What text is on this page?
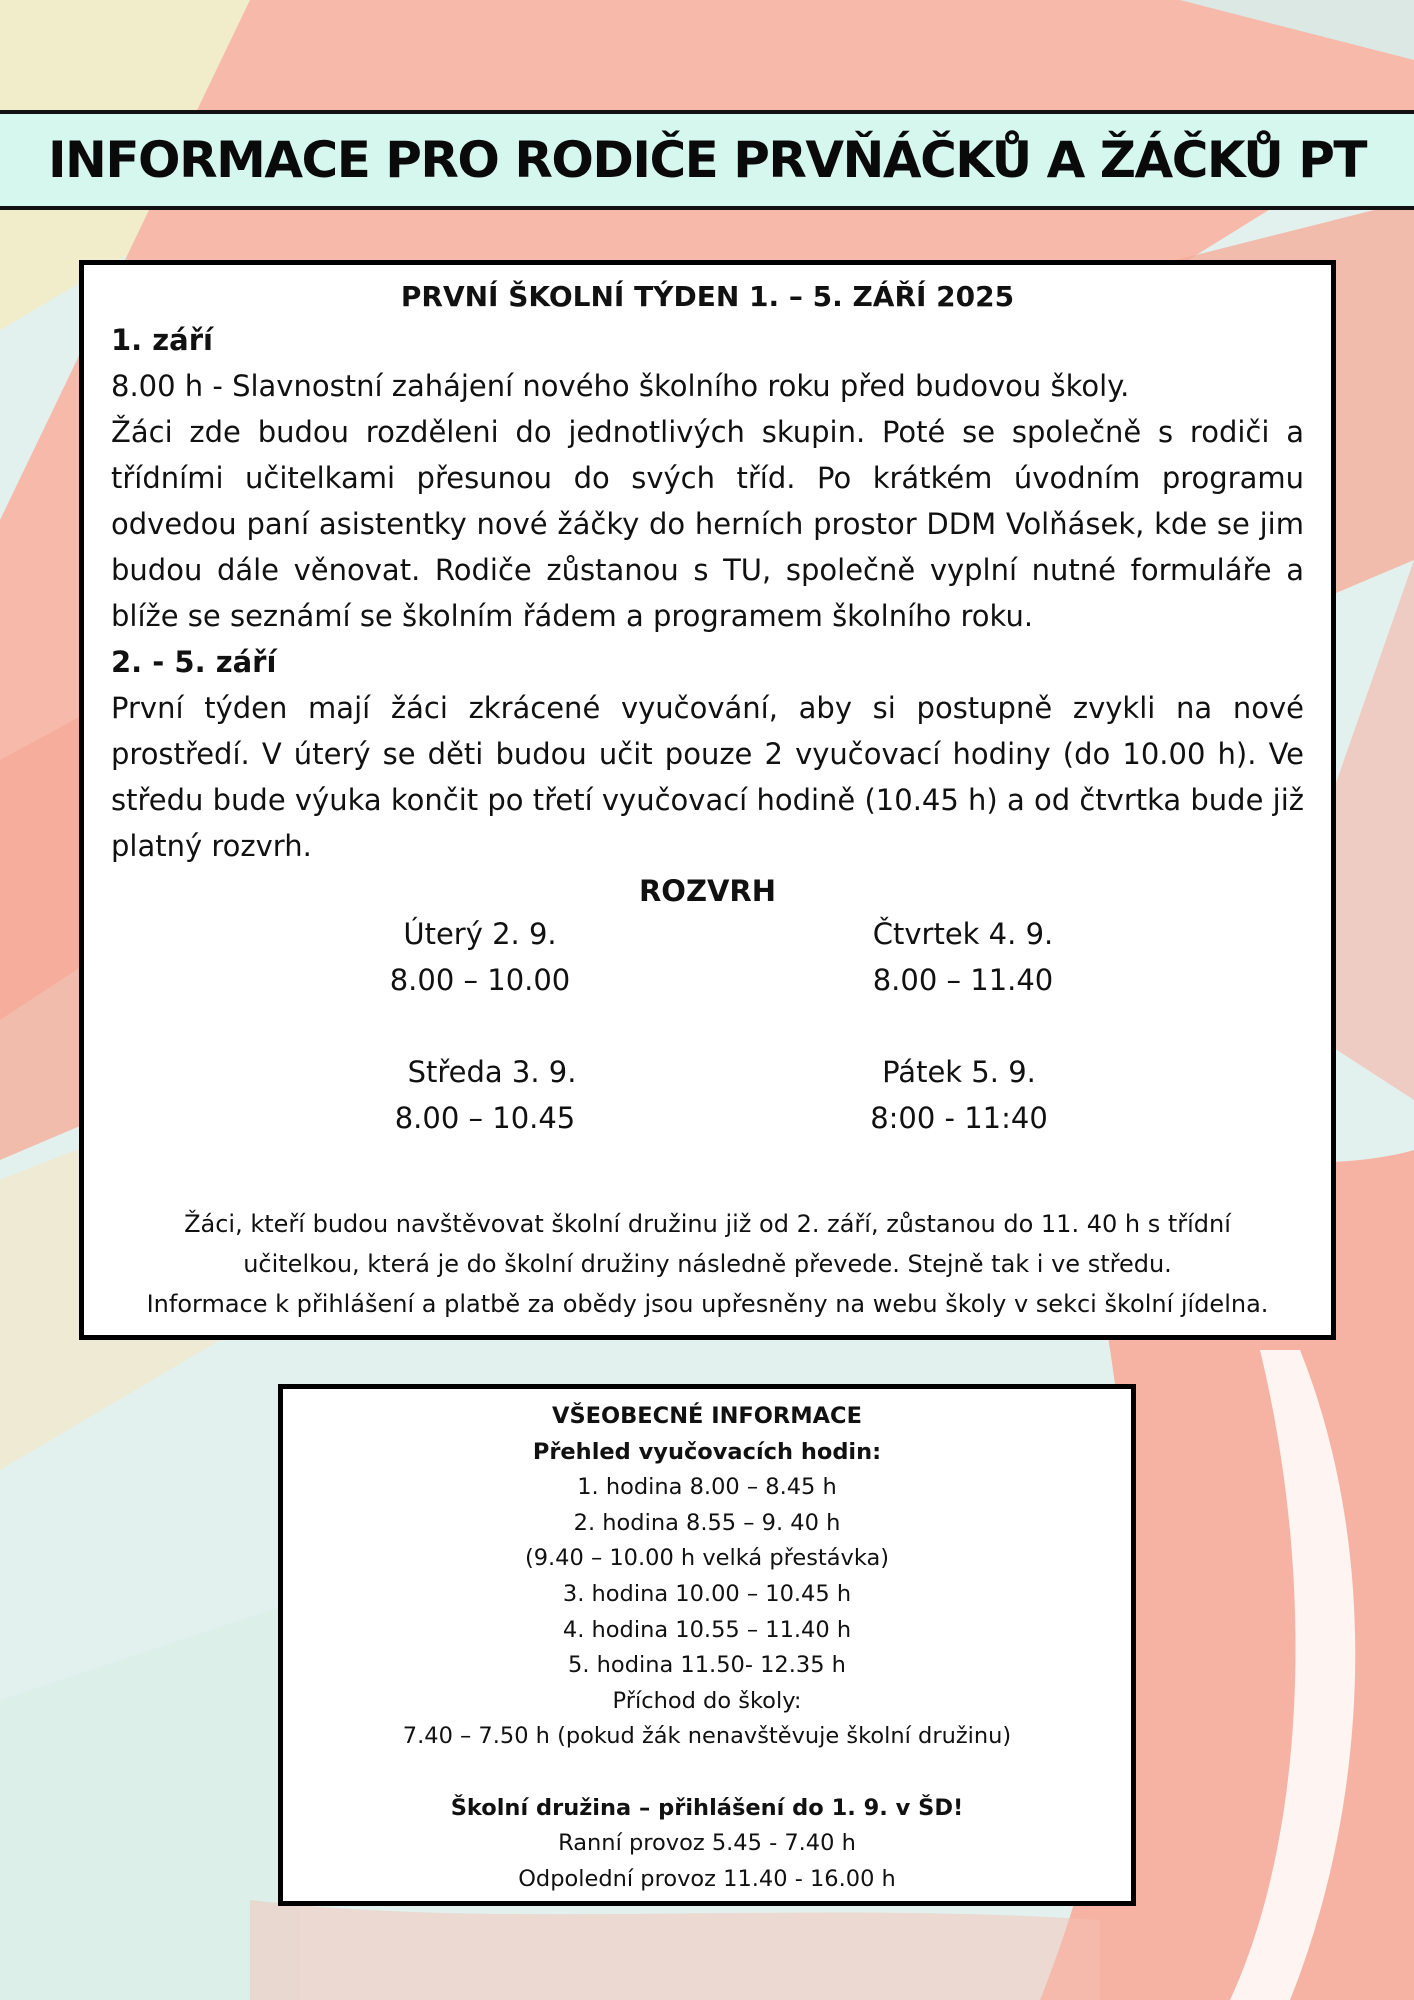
INFORMACE PRO RODIČE PRVŇÁČKŮ A ŽÁČKŮ PT
PRVNÍ ŠKOLNÍ TÝDEN 1. – 5. ZÁŘÍ 2025
1. září

8.00 h - Slavnostní zahájení nového školního roku před budovou školy.

Žáci zde budou rozděleni do jednotlivých skupin. Poté se společně s rodiči a třídními učitelkami přesunou do svých tříd. Po krátkém úvodním programu odvedou paní asistentky nové žáčky do herních prostor DDM Volňásek, kde se jim budou dále věnovat. Rodiče zůstanou s TU, společně vyplní nutné formuláře a blíže se seznámí se školním řádem a programem školního roku.

2. - 5. září

První týden mají žáci zkrácené vyučování, aby si postupně zvykli na nové prostředí. V úterý se děti budou učit pouze 2 vyučovací hodiny (do 10.00 h). Ve středu bude výuka končit po třetí vyučovací hodině (10.45 h) a od čtvrtka bude již platný rozvrh.

ROZVRH
Úterý 2. 9.
8.00 – 10.00
Čtvrtek 4. 9.
8.00 – 11.40
Středa 3. 9.
8.00 – 10.45
Pátek 5. 9.
8:00 - 11:40
Žáci, kteří budou navštěvovat školní družinu již od 2. září, zůstanou do 11. 40 h s třídní
učitelkou, která je do školní družiny následně převede. Stejně tak i ve středu.
Informace k přihlášení a platbě za obědy jsou upřesněny na webu školy v sekci školní jídelna.
VŠEOBECNÉ INFORMACE
Přehled vyučovacích hodin:
1. hodina 8.00 – 8.45 h
2. hodina 8.55 – 9. 40 h
(9.40 – 10.00 h velká přestávka)
3. hodina 10.00 – 10.45 h
4. hodina 10.55 – 11.40 h
5. hodina 11.50- 12.35 h
Příchod do školy:
7.40 – 7.50 h (pokud žák nenavštěvuje školní družinu)
Školní družina – přihlášení do 1. 9. v ŠD!
Ranní provoz 5.45 - 7.40 h
Odpolední provoz 11.40 - 16.00 h
